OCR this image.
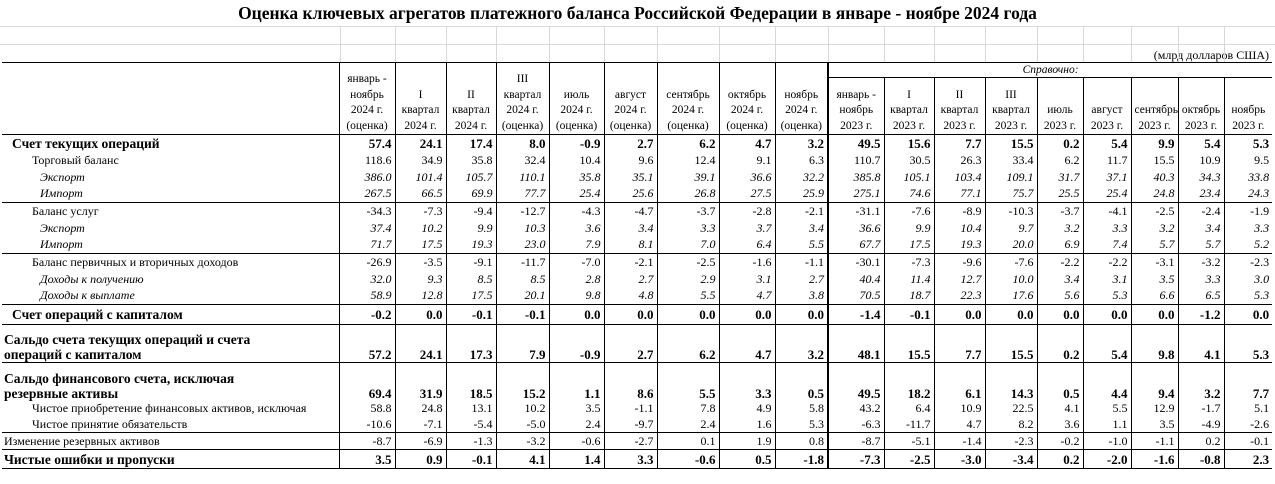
Оценка ключевых агрегатов платежного баланса Российской Федерации в январе - ноябре 2024 года
(млрд долларов США)
	январь - ноябрь 2024 г. (оценка)	I квартал 2024 г.	II квартал 2024 г.	III квартал 2024 г. (оценка)	июль 2024 г. (оценка)	август 2024 г. (оценка)	сентябрь 2024 г. (оценка)	октябрь 2024 г. (оценка)	ноябрь 2024 г. (оценка)	Справочно:								
										январь - ноябрь 2023 г.	I квартал 2023 г.	II квартал 2023 г.	III квартал 2023 г.	июль 2023 г.	август 2023 г.	сентябрь 2023 г.	октябрь 2023 г.	ноябрь 2023 г.
Счет текущих операций	57.4	24.1	17.4	8.0	-0.9	2.7	6.2	4.7	3.2	49.5	15.6	7.7	15.5	0.2	5.4	9.9	5.4	5.3
Торговый баланс	118.6	34.9	35.8	32.4	10.4	9.6	12.4	9.1	6.3	110.7	30.5	26.3	33.4	6.2	11.7	15.5	10.9	9.5
Экспорт	386.0	101.4	105.7	110.1	35.8	35.1	39.1	36.6	32.2	385.8	105.1	103.4	109.1	31.7	37.1	40.3	34.3	33.8
Импорт	267.5	66.5	69.9	77.7	25.4	25.6	26.8	27.5	25.9	275.1	74.6	77.1	75.7	25.5	25.4	24.8	23.4	24.3
Баланс услуг	-34.3	-7.3	-9.4	-12.7	-4.3	-4.7	-3.7	-2.8	-2.1	-31.1	-7.6	-8.9	-10.3	-3.7	-4.1	-2.5	-2.4	-1.9
Экспорт	37.4	10.2	9.9	10.3	3.6	3.4	3.3	3.7	3.4	36.6	9.9	10.4	9.7	3.2	3.3	3.2	3.4	3.3
Импорт	71.7	17.5	19.3	23.0	7.9	8.1	7.0	6.4	5.5	67.7	17.5	19.3	20.0	6.9	7.4	5.7	5.7	5.2
Баланс первичных и вторичных доходов	-26.9	-3.5	-9.1	-11.7	-7.0	-2.1	-2.5	-1.6	-1.1	-30.1	-7.3	-9.6	-7.6	-2.2	-2.2	-3.1	-3.2	-2.3
Доходы к получению	32.0	9.3	8.5	8.5	2.8	2.7	2.9	3.1	2.7	40.4	11.4	12.7	10.0	3.4	3.1	3.5	3.3	3.0
Доходы к выплате	58.9	12.8	17.5	20.1	9.8	4.8	5.5	4.7	3.8	70.5	18.7	22.3	17.6	5.6	5.3	6.6	6.5	5.3
Счет операций с капиталом	-0.2	0.0	-0.1	-0.1	0.0	0.0	0.0	0.0	0.0	-1.4	-0.1	0.0	0.0	0.0	0.0	0.0	-1.2	0.0

Сальдо счета текущих операций и счета
операций с капиталом	57.2	24.1	17.3	7.9	-0.9	2.7	6.2	4.7	3.2	48.1	15.5	7.7	15.5	0.2	5.4	9.8	4.1	5.3

Сальдо финансового счета, исключая
резервные активы	69.4	31.9	18.5	15.2	1.1	8.6	5.5	3.3	0.5	49.5	18.2	6.1	14.3	0.5	4.4	9.4	3.2	7.7
Чистое приобретение финансовых активов, исключая	58.8	24.8	13.1	10.2	3.5	-1.1	7.8	4.9	5.8	43.2	6.4	10.9	22.5	4.1	5.5	12.9	-1.7	5.1
Чистое принятие обязательств	-10.6	-7.1	-5.4	-5.0	2.4	-9.7	2.4	1.6	5.3	-6.3	-11.7	4.7	8.2	3.6	1.1	3.5	-4.9	-2.6
Изменение резервных активов	-8.7	-6.9	-1.3	-3.2	-0.6	-2.7	0.1	1.9	0.8	-8.7	-5.1	-1.4	-2.3	-0.2	-1.0	-1.1	0.2	-0.1
Чистые ошибки и пропуски	3.5	0.9	-0.1	4.1	1.4	3.3	-0.6	0.5	-1.8	-7.3	-2.5	-3.0	-3.4	0.2	-2.0	-1.6	-0.8	2.3
